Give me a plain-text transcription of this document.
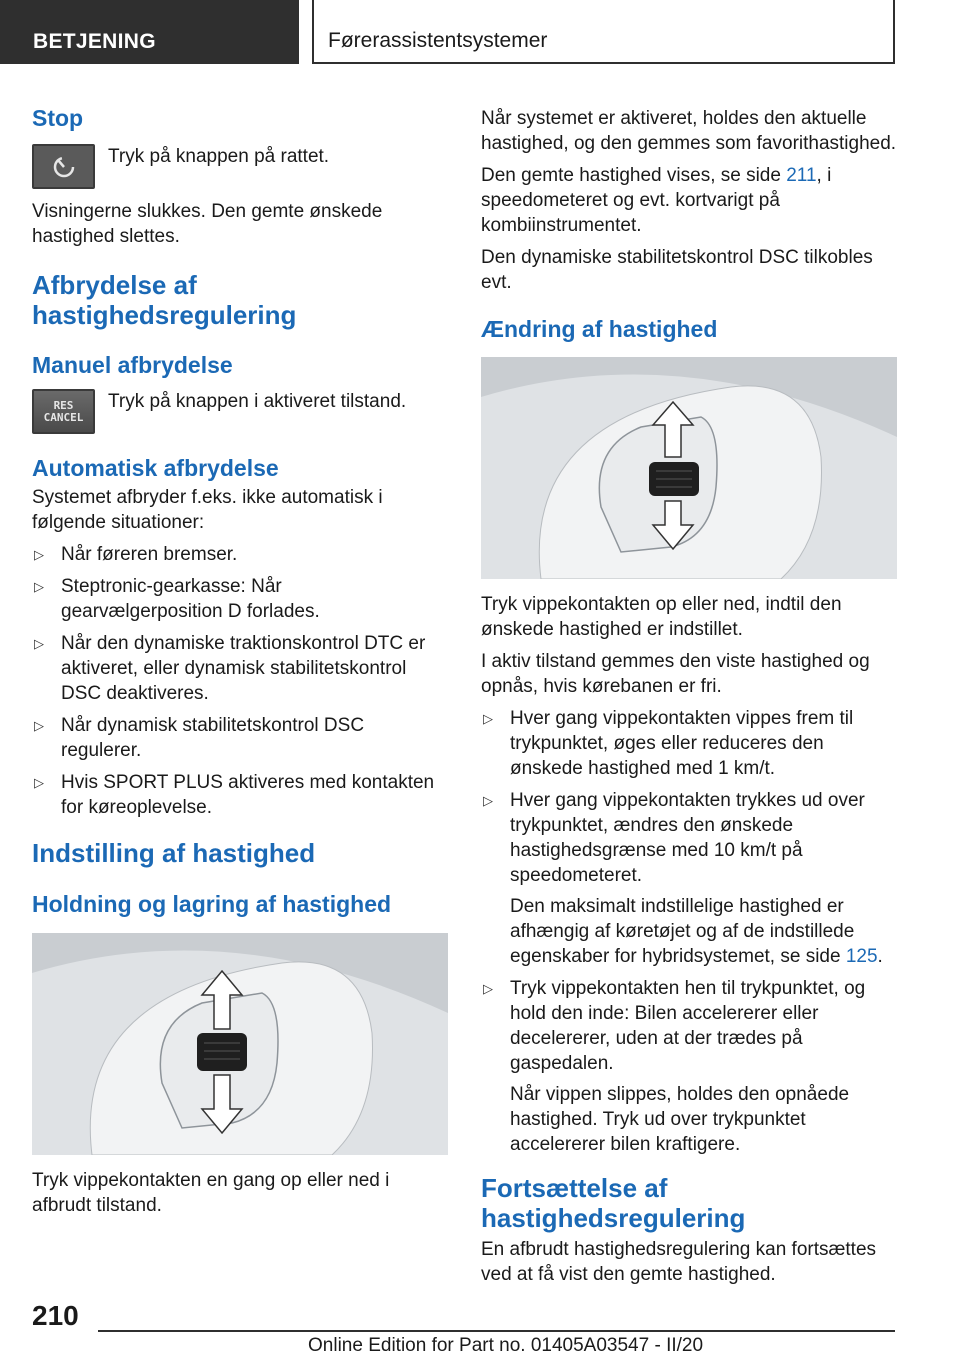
BETJENING	Førerassistentsystemer
Stop
Tryk på knappen på rattet.

Visningerne slukkes. Den gemte ønskede hastighed slettes.

Afbrydelse af hastighedsregulering
Manuel afbrydelse
RES
CANCEL
Tryk på knappen i aktiveret tilstand.
Automatisk afbrydelse

Systemet afbryder f.eks. ikke automatisk i følgende situationer:

▷ Når føreren bremser.
▷ Steptronic-gearkasse: Når gearvælgerposition D forlades.
▷ Når den dynamiske traktionskontrol DTC er aktiveret, eller dynamisk stabilitetskontrol DSC deaktiveres.
▷ Når dynamisk stabilitetskontrol DSC regulerer.
▷ Hvis SPORT PLUS aktiveres med kontakten for køreoplevelse.
Indstilling af hastighed
Holdning og lagring af hastighed

Tryk vippekontakten en gang op eller ned i afbrudt tilstand.

Når systemet er aktiveret, holdes den aktuelle hastighed, og den gemmes som favorithastighed.

Den gemte hastighed vises, se side 211, i speedometeret og evt. kortvarigt på kombiinstrumentet.

Den dynamiske stabilitetskontrol DSC tilkobles evt.

Ændring af hastighed

Tryk vippekontakten op eller ned, indtil den ønskede hastighed er indstillet.

I aktiv tilstand gemmes den viste hastighed og opnås, hvis kørebanen er fri.

▷ Hver gang vippekontakten vippes frem til trykpunktet, øges eller reduceres den ønskede hastighed med 1 km/t.
▷ Hver gang vippekontakten trykkes ud over trykpunktet, ændres den ønskede hastighedsgrænse med 10 km/t på speedometeret.

Den maksimalt indstillelige hastighed er afhængig af køretøjet og af de indstillede egenskaber for hybridsystemet, se side 125.

▷ Tryk vippekontakten hen til trykpunktet, og hold den inde: Bilen accelererer eller decelererer, uden at der trædes på gaspedalen.

Når vippen slippes, holdes den opnåede hastighed. Tryk ud over trykpunktet accelererer bilen kraftigere.

Fortsættelse af hastighedsregulering

En afbrudt hastighedsregulering kan fortsættes ved at få vist den gemte hastighed.

210
Online Edition for Part no. 01405A03547 - II/20
